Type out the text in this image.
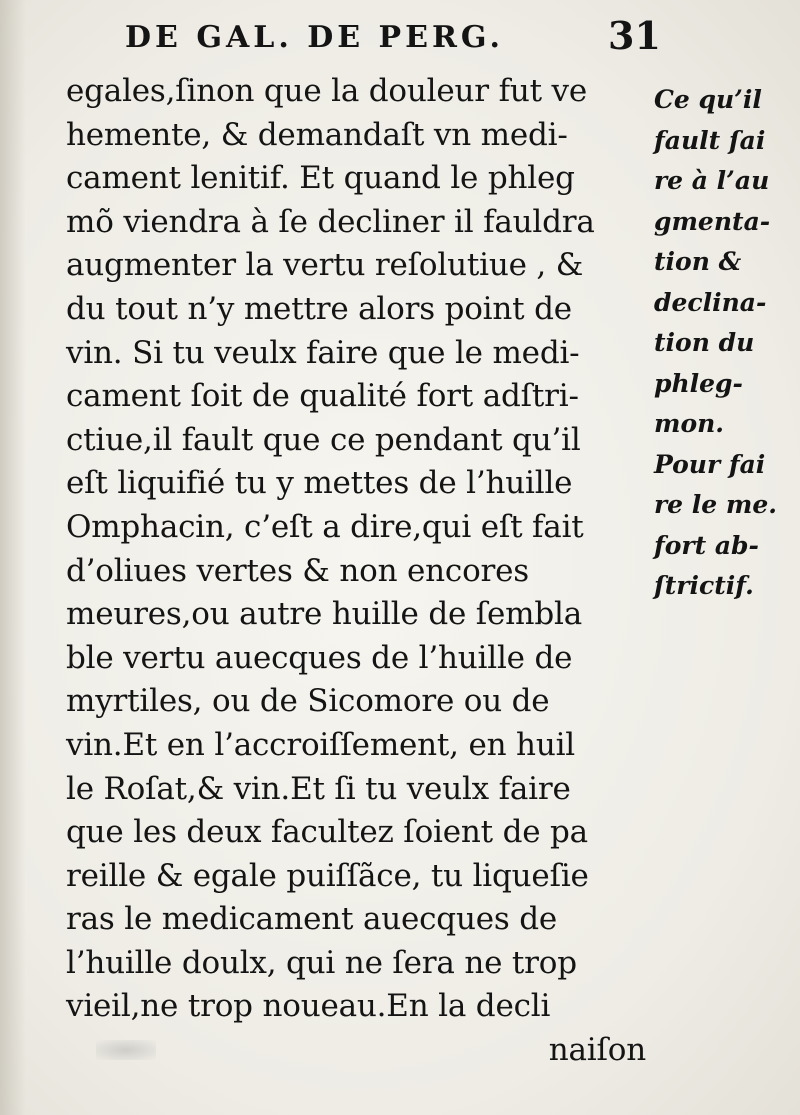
DE GAL. DE PERG.	31
egales,ſinon que la douleur fut ve
hemente, & demandaſt vn medi-
cament lenitif. Et quand le phleg
mõ viendra à ſe decliner il fauldra
augmenter la vertu reſolutiue , &
du tout n’y mettre alors point de
vin. Si tu veulx faire que le medi-
cament ſoit de qualité fort adſtri-
ctiue,il fault que ce pendant qu’il
eſt liquifié tu y mettes de l’huille
Omphacin, c’eſt a dire,qui eſt fait
d’oliues vertes & non encores
meures,ou autre huille de ſembla
ble vertu auecques de l’huille de
myrtiles, ou de Sicomore ou de
vin.Et en l’accroiſſement, en huil
le Roſat,& vin.Et ſi tu veulx faire
que les deux facultez ſoient de pa
reille & egale puiſſãce, tu liqueſie
ras le medicament auecques de
l’huille doulx, qui ne ſera ne trop
vieil,ne trop noueau.En la decli
naiſon
Ce qu’il
fault ſai
re à l’au
gmenta-
tion &
declina-
tion du
phleg-
mon.
Pour fai
re le me.
fort ab-
ſtrictif.
